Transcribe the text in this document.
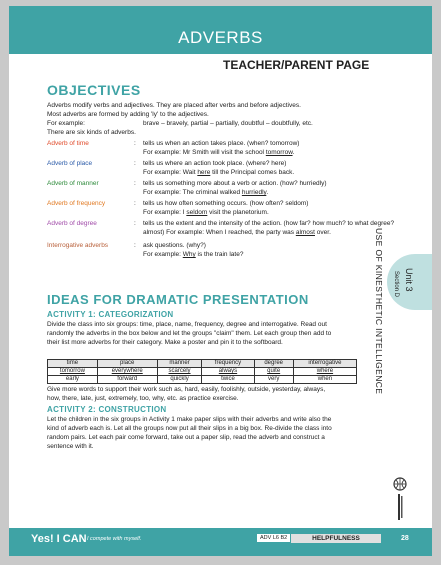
ADVERBS
TEACHER/PARENT PAGE
OBJECTIVES
Adverbs modify verbs and adjectives. They are placed after verbs and before adjectives.
Most adverbs are formed by adding 'ly' to the adjectives.
For example:	brave – bravely, partial – partially, doubtful – doubtfully, etc.
There are six kinds of adverbs.
Adverb of time	: tells us when an action takes place. (when? tomorrow)
For example: Mr Smith will visit the school tomorrow.
Adverb of place	: tells us where an action took place. (where? here)
For example: Wait here till the Principal comes back.
Adverb of manner	: tells us something more about a verb or action. (how? hurriedly)
For example: The criminal walked hurriedly.
Adverb of frequency	: tells us how often something occurs. (how often? seldom)
For example: I seldom visit the planetorium.
Adverb of degree	: tells us the extent and the intensity of the action. (how far? how much? to what degree? almost) For example: When I reached, the party was almost over.
Interrogative adverbs	: ask questions. (why?)
For example: Why is the train late?
IDEAS FOR DRAMATIC PRESENTATION
ACTIVITY 1: CATEGORIZATION
Divide the class into six groups: time, place, name, frequency, degree and interrogative. Read out
randomly the adverbs in the box below and let the groups "claim" them. Let each group then add to
their list more adverbs for their category. Make a poster and pin it to the softboard.
time	place	manner	frequency	degree	interrogative
tomorrow	everywhere	scarcely	always	quite	where
early	forward	quickly	twice	very	when
Give more words to support their work such as, hard, easily, foolishly, outside, yesterday, always,
how, there, late, just, extremely, too, why, etc. as practice exercise.
ACTIVITY 2: CONSTRUCTION
Let the children in the six groups in Activity 1 make paper slips with their adverbs and write also the
kind of adverb each is. Let all the groups now put all their slips in a big box. Re-divide the class into
random pairs. Let each pair come forward, take out a paper slip, read the adverb and construct a
sentence with it.
USE OF KINESTHETIC INTELLIGENCE Section D Unit 3
Yes! I CAN I compete with myself.	ADV L6 B2	HELPFULNESS	28
